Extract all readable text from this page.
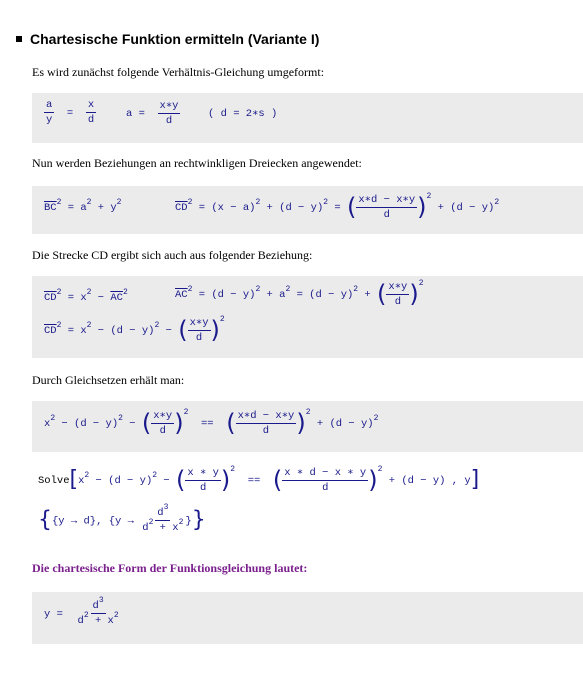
Chartesische Funktion ermitteln (Variante I)
Es wird zunächst folgende Verhältnis-Gleichung umgeformt:
$\frac{a}{y} = \frac{x}{d}$	$a = \frac{x∗y}{d}$	( d = 2∗s )
Nun werden Beziehungen an rechtwinkligen Dreiecken angewendet:
$\overline{BC}^2 = a^2 + y^2$	$\overline{CD}^2 = (x - a)^2 + (d - y)^2$ = ( $\frac{x∗d - x∗y}{d} )^2 + (d - y)^2$
Die Strecke CD ergibt sich auch aus folgender Beziehung:
$\overline{CD}^2 = x^2 - \overline{AC}^2$	$\overline{AC}^2 = (d - y)^2 + a^2 = (d - y)^2$ + ( $\frac{x∗y}{d} )^2$
$\overline{CD}^2 = x^2 - (d - y)^2$ − ( $\frac{x∗y}{d} )^2$
Durch Gleichsetzen erhält man:
$x^2 - (d - y)^2$ − ( $\frac{x∗y}{d} )^2$  == ( $\frac{x∗d - x∗y}{d} )^2 + (d - y)^2$
$Solve[x^2 - (d - y)^2$ − ( $\frac{x ∗ y}{d} )^2$  == ( $\frac{x ∗ d - x ∗ y}{d} )^2 + (d - y)$ , y]
{{y → d}, {$y \to \frac{d^3}{d^2 + x^2}$ }}
Die chartesische Form der Funktionsgleichung lautet:
$y = \frac{d^3}{d^2 + x^2}$
